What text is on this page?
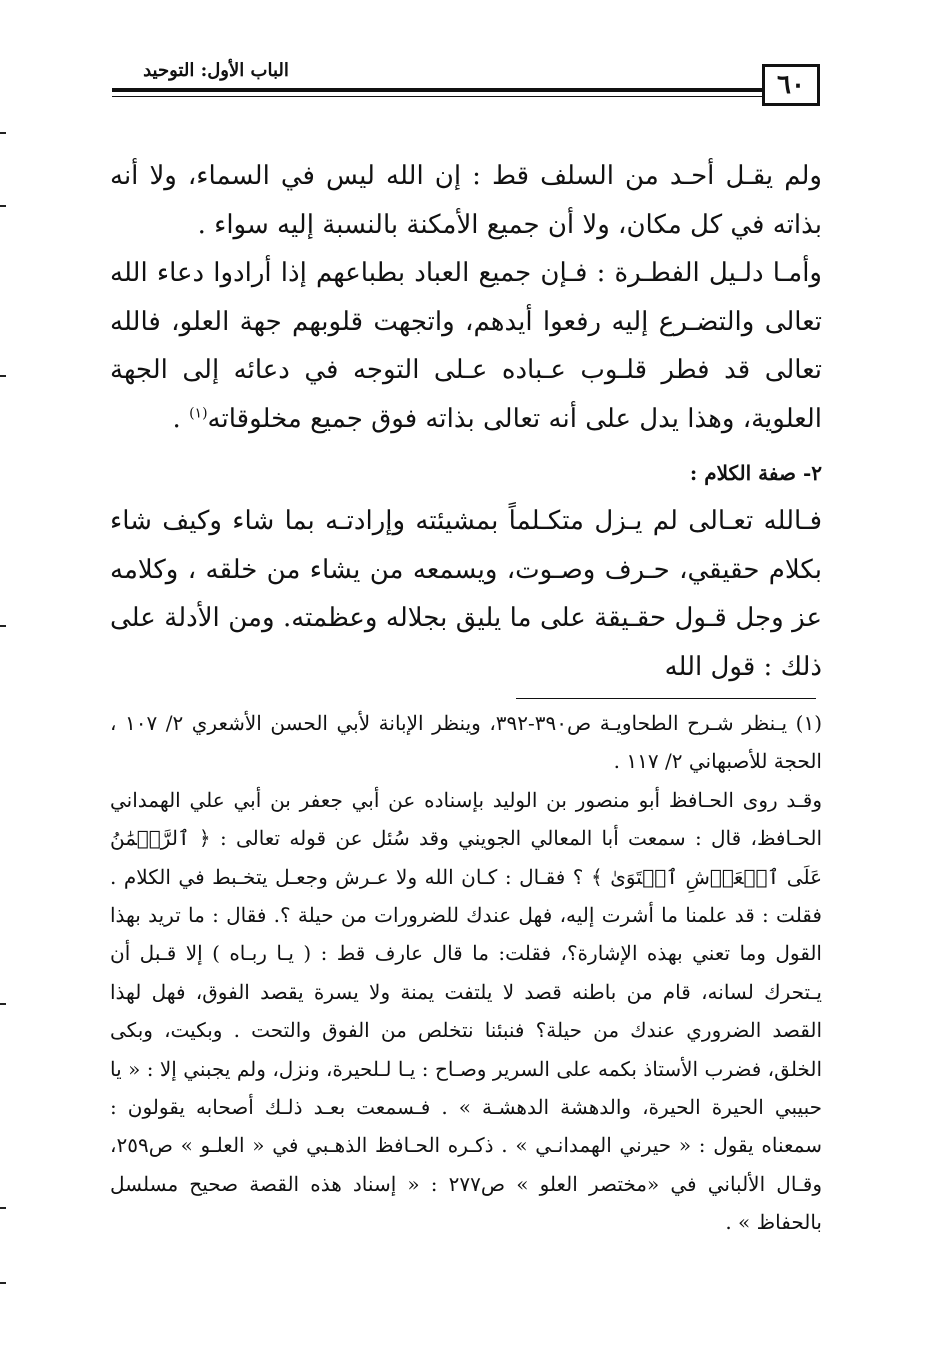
٦٠
الباب الأول: التوحيد

ولم يقـل أحـد من السلف قط : إن الله ليس في السماء، ولا أنه بذاته في كل مكان، ولا أن جميع الأمكنة بالنسبة إليه سواء .

وأمـا دلـيل الفطـرة : فـإن جميع العباد بطباعهم إذا أرادوا دعاء الله تعالى والتضـرع إليه رفعوا أيدهم، واتجهت قلوبهم جهة العلو، فالله تعالى قد فطر قلـوب عـباده عـلى التوجه في دعائه إلى الجهة العلوية، وهذا يدل على أنه تعالى بذاته فوق جميع مخلوقاته$^{(١)}$ .

٢- صفة الكلام :

فـالله تعـالى لم يـزل متكـلماً بمشيئته وإرادتـه بما شاء وكيف شاء بكلام حقيقي، حـرف وصـوت، ويسمعه من يشاء من خلقه ، وكلامه عز وجل قـول حقـيقة على ما يليق بجلاله وعظمته. ومن الأدلة على ذلك : قول الله

(١) يـنظر شـرح الطحاويـة ص٣٩٠-٣٩٢، وينظر الإبانة لأبي الحسن الأشعري ٢/ ١٠٧ ، الحجة للأصبهاني ٢/ ١١٧ .

وقـد روى الحـافظ أبو منصور بن الوليد بإسناده عن أبي جعفر بن أبي علي الهمداني الحـافظ، قال : سمعت أبا المعالي الجويني وقد سُئل عن قوله تعالى : ﴿ ٱلرَّحۡمَٰنُ عَلَى ٱلۡعَرۡشِ ٱسۡتَوَىٰ ﴾ ؟ فقـال : كـان الله ولا عـرش وجعـل يتخـبط في الكلام . فقلت : قد علمنا ما أشرت إليه، فهل عندك للضرورات من حيلة ؟. فقال : ما تريد بهذا القول وما تعني بهذه الإشارة؟، فقلت: ما قال عارف قط : ( يـا ربـاه ) إلا قـبل أن يـتحرك لسانه، قام من باطنه قصد لا يلتفت يمنة ولا يسرة يقصد الفوق، فهل لهذا القصد الضروري عندك من حيلة؟ فنبئنا نتخلص من الفوق والتحت . وبكيت، وبكى الخلق، فضرب الأستاذ بكمه على السرير وصـاح : يـا لـلحيرة، ونزل، ولم يجبني إلا : « يا حبيبي الحيرة الحيرة، والدهشة الدهشـة » . فـسمعت بعـد ذلـك أصحابه يقولون : سمعناه يقول : « حيرني الهمدانـي » . ذكـره الحـافظ الذهـبي في « العلـو » ص٢٥٩، وقـال الألباني في «مختصر العلو » ص٢٧٧ : « إسناد هذه القصة صحيح مسلسل بالحفاظ » .
